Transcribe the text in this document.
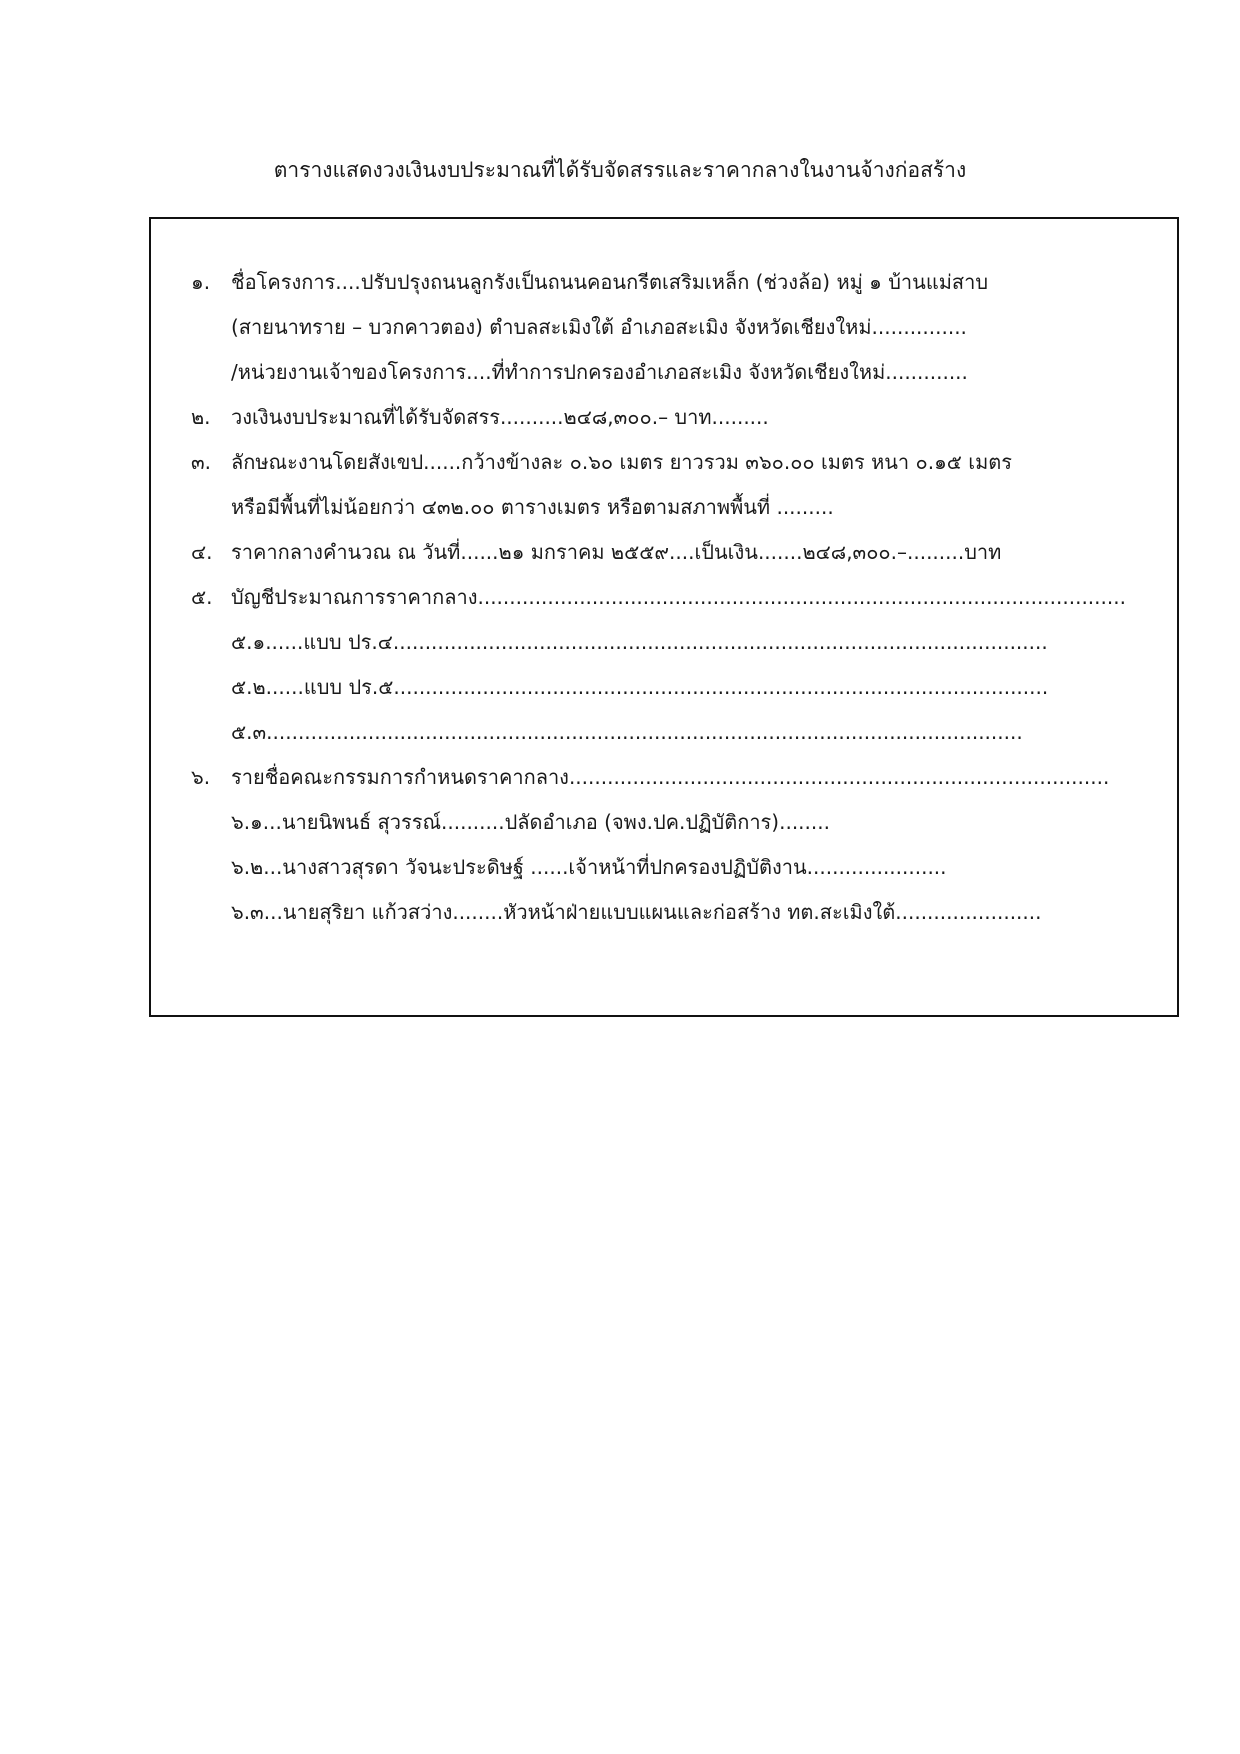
ตารางแสดงวงเงินงบประมาณที่ได้รับจัดสรรและราคากลางในงานจ้างก่อสร้าง
๑.	ชื่อโครงการ....ปรับปรุงถนนลูกรังเป็นถนนคอนกรีตเสริมเหล็ก (ช่วงล้อ) หมู่ ๑ บ้านแม่สาบ
(สายนาทราย – บวกคาวตอง) ตำบลสะเมิงใต้ อำเภอสะเมิง จังหวัดเชียงใหม่...............
/หน่วยงานเจ้าของโครงการ....ที่ทำการปกครองอำเภอสะเมิง จังหวัดเชียงใหม่.............
๒.	วงเงินงบประมาณที่ได้รับจัดสรร..........๒๔๘,๓๐๐.– บาท.........
๓. ลักษณะงานโดยสังเขป......กว้างข้างละ ๐.๖๐ เมตร ยาวรวม ๓๖๐.๐๐ เมตร หนา ๐.๑๕ เมตร
หรือมีพื้นที่ไม่น้อยกว่า ๔๓๒.๐๐ ตารางเมตร หรือตามสภาพพื้นที่ .........
๔. ราคากลางคำนวณ ณ วันที่......๒๑ มกราคม ๒๕๕๙....เป็นเงิน.......๒๔๘,๓๐๐.–.........บาท
๕. บัญชีประมาณการราคากลาง......................................................................................................
๕.๑......แบบ ปร.๔.......................................................................................................
๕.๒......แบบ ปร.๕.......................................................................................................
๕.๓.......................................................................................................................
๖.	รายชื่อคณะกรรมการกำหนดราคากลาง.....................................................................................
๖.๑...นายนิพนธ์ สุวรรณ์..........ปลัดอำเภอ (จพง.ปค.ปฏิบัติการ)........
๖.๒...นางสาวสุรดา วัจนะประดิษฐ์ ......เจ้าหน้าที่ปกครองปฏิบัติงาน......................
๖.๓...นายสุริยา แก้วสว่าง........หัวหน้าฝ่ายแบบแผนและก่อสร้าง ทต.สะเมิงใต้.......................
